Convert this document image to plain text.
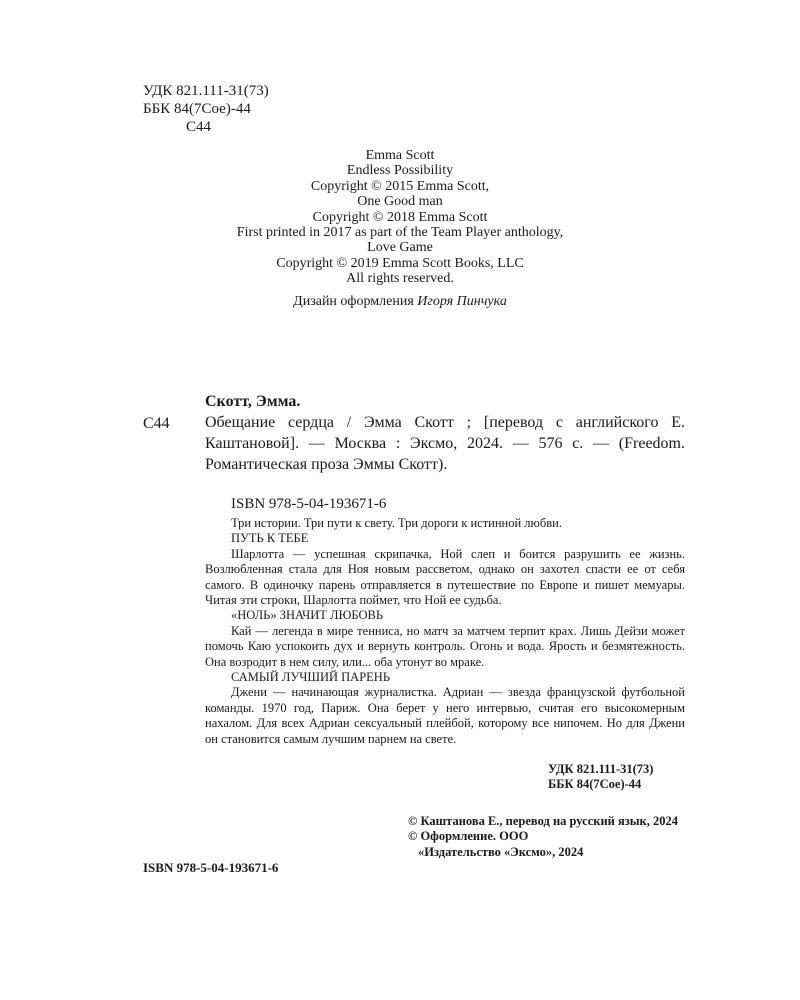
УДК 821.111-31(73)
ББК 84(7Сое)-44
С44
Emma Scott
Endless Possibility
Copyright © 2015 Emma Scott,
One Good man
Copyright © 2018 Emma Scott
First printed in 2017 as part of the Team Player anthology,
Love Game
Copyright © 2019 Emma Scott Books, LLC
All rights reserved.
Дизайн оформления Игоря Пинчука
Скотт, Эмма.
С44 Обещание сердца / Эмма Скотт ; [перевод с английского Е. Каштановой]. — Москва : Эксмо, 2024. — 576 с. — (Freedom. Романтическая проза Эммы Скотт).
ISBN 978-5-04-193671-6
Три истории. Три пути к свету. Три дороги к истинной любви.
ПУТЬ К ТЕБЕ

Шарлотта — успешная скрипачка, Ной слеп и боится разрушить ее жизнь. Возлюбленная стала для Ноя новым рассветом, однако он захотел спасти ее от себя самого. В одиночку парень отправляется в путешествие по Европе и пишет мемуары. Читая эти строки, Шарлотта поймет, что Ной ее судьба.

«НОЛЬ» ЗНАЧИТ ЛЮБОВЬ

Кай — легенда в мире тенниса, но матч за матчем терпит крах. Лишь Дейзи может помочь Каю успокоить дух и вернуть контроль. Огонь и вода. Ярость и безмятежность. Она возродит в нем силу, или... оба утонут во мраке.

САМЫЙ ЛУЧШИЙ ПАРЕНЬ

Джени — начинающая журналистка. Адриан — звезда французской футбольной команды. 1970 год, Париж. Она берет у него интервью, считая его высокомерным нахалом. Для всех Адриан сексуальный плейбой, которому все нипочем. Но для Джени он становится самым лучшим парнем на свете.

УДК 821.111-31(73)
ББК 84(7Сое)-44
© Каштанова Е., перевод на русский язык, 2024
© Оформление. ООО
«Издательство «Эксмо», 2024
ISBN 978-5-04-193671-6
